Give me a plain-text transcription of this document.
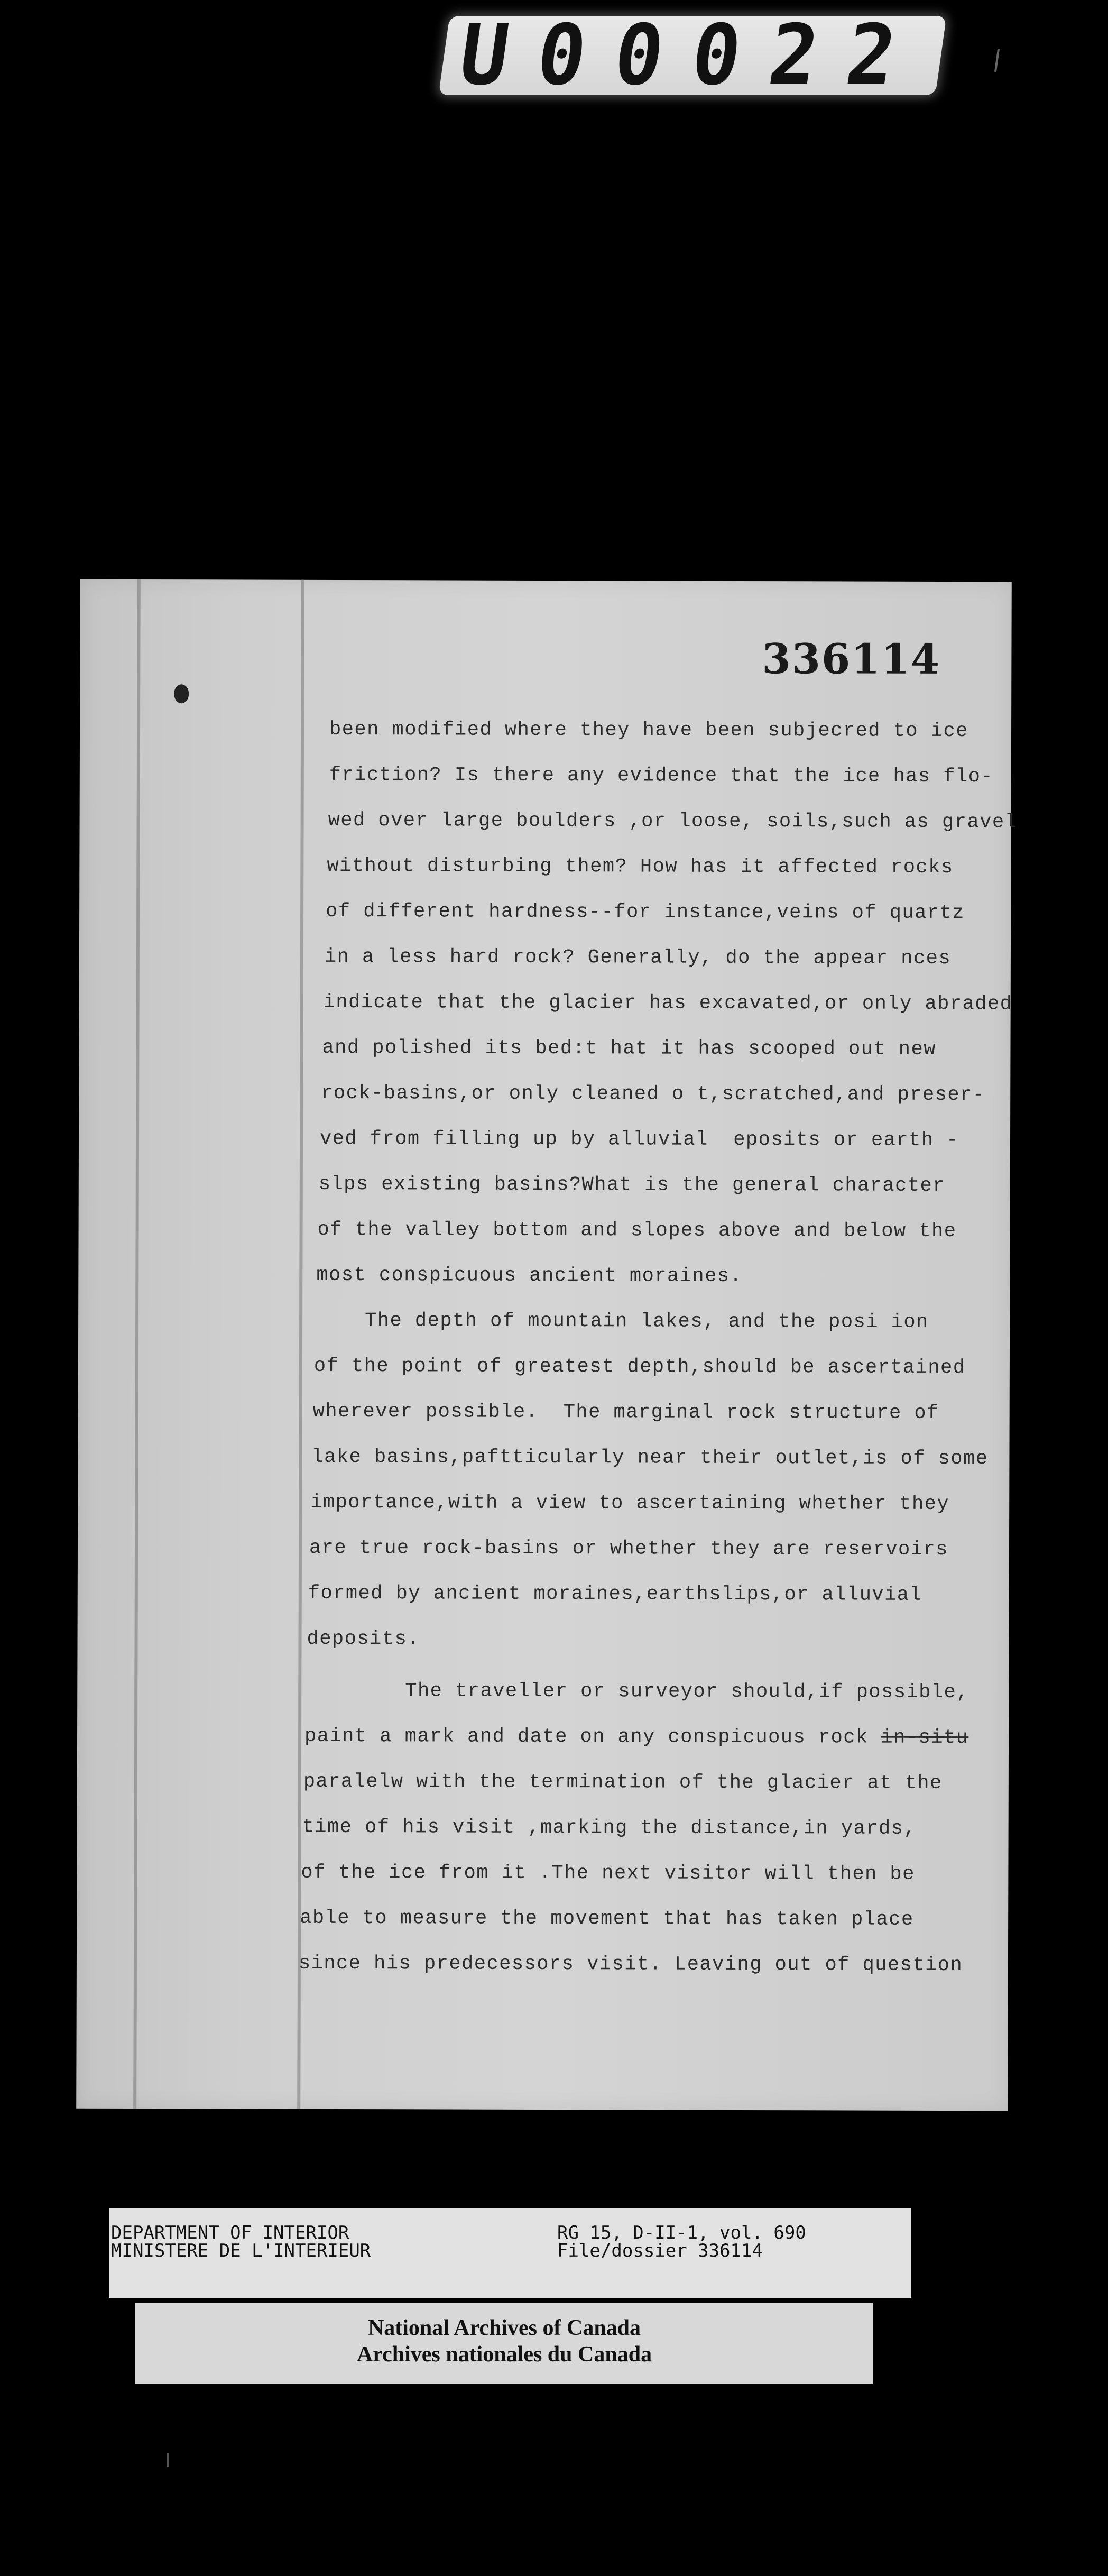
U00022
336114
been modified where they have been subjecred to ice
friction? Is there any evidence that the ice has flo-
wed over large boulders ,or loose, soils,such as gravel
without disturbing them? How has it affected rocks
of different hardness--for instance,veins of quartz
in a less hard rock? Generally, do the appear nces
indicate that the glacier has excavated,or only abraded
and polished its bed:t hat it has scooped out new
rock-basins,or only cleaned o t,scratched,and preser-
ved from filling up by alluvial  eposits or earth -
slps existing basins?What is the general character
of the valley bottom and slopes above and below the
most conspicuous ancient moraines.
The depth of mountain lakes, and the posi ion
of the point of greatest depth,should be ascertained
wherever possible.  The marginal rock structure of
lake basins,paftticularly near their outlet,is of some
importance,with a view to ascertaining whether they
are true rock-basins or whether they are reservoirs
formed by ancient moraines,earthslips,or alluvial
deposits.
The traveller or surveyor should,if possible,
paint a mark and date on any conspicuous rock in-situ
paralelw with the termination of the glacier at the
time of his visit ,marking the distance,in yards,
of the ice from it .The next visitor will then be
able to measure the movement that has taken place
since his predecessors visit. Leaving out of question
DEPARTMENT OF INTERIOR
MINISTERE DE L'INTERIEUR
RG 15, D-II-1, vol. 690
File/dossier 336114
National Archives of Canada
Archives nationales du Canada
